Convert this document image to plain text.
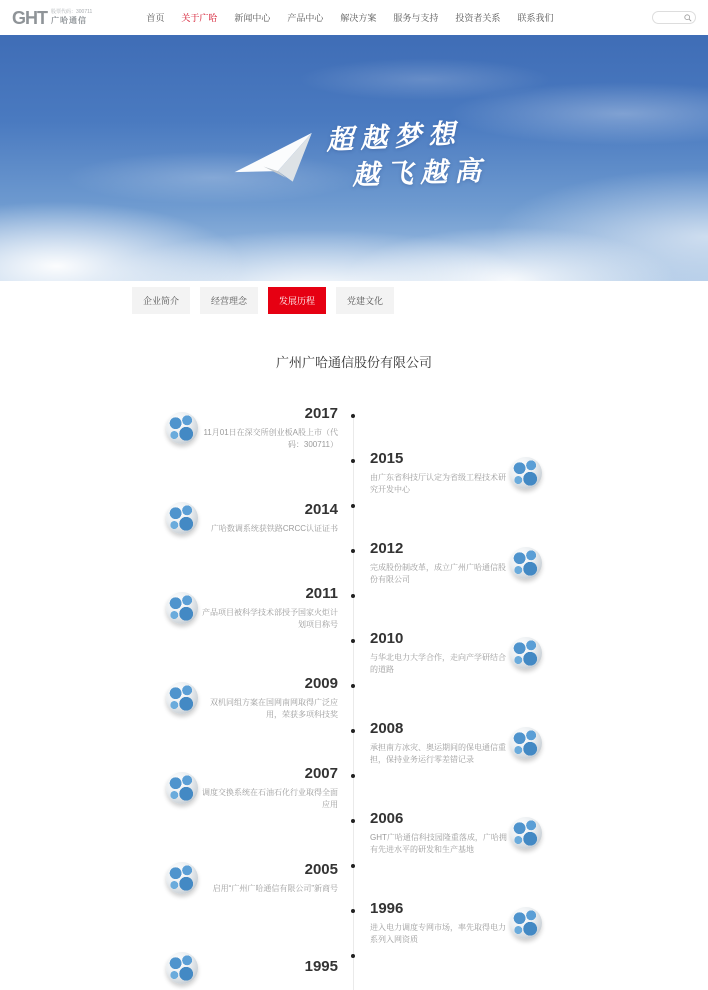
GHT 股票代码：300711
广哈通信	首页 关于广哈 新闻中心 产品中心 解决方案 服务与支持 投资者关系 联系我们
超越梦想
越飞越高
企业简介	经营理念	发展历程	党建文化
广州广哈通信股份有限公司
2017
11月01日在深交所创业板A股上市（代码：300711）
2015
由广东省科技厅认定为省级工程技术研究开发中心
2014
广哈数调系统获铁路CRCC认证证书
2012
完成股份制改革，成立广州广哈通信股份有限公司
2011
产品项目被科学技术部授予国家火炬计划项目称号
2010
与华北电力大学合作，走向产学研结合的道路
2009
双机同组方案在国网南网取得广泛应用，荣获多项科技奖
2008
承担南方冰灾、奥运期间的保电通信重担，保持业务运行零差错记录
2007
调度交换系统在石油石化行业取得全面应用
2006
GHT广哈通信科技园隆重落成，广哈拥有先进水平的研发和生产基地
2005
启用“广州广哈通信有限公司”新商号
1996
进入电力调度专网市场，率先取得电力系列入网资质
1995
